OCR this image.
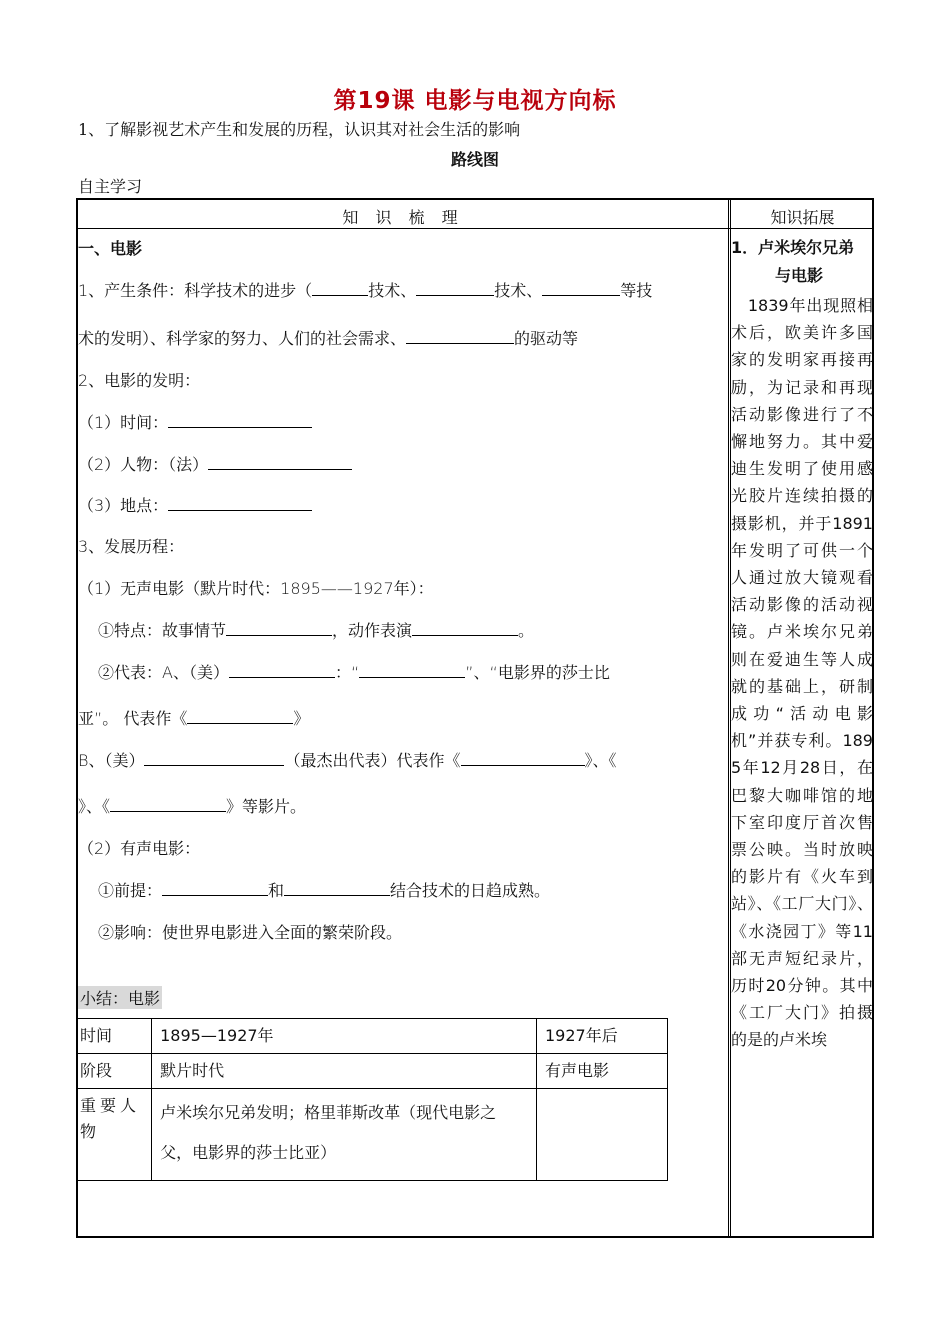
第19课 电影与电视方向标
1、了解影视艺术产生和发展的历程，认识其对社会生活的影响
路线图
自主学习
知 识 梳 理	知识拓展
一、电影
1、产生条件：科学技术的进步（	技术、	技术、	等技
术的发明）、科学家的努力、人们的社会需求、	的驱动等
2、电影的发明：
（1）时间：
（2）人物：（法）
（3）地点：
3、发展历程：
（1）无声电影（默片时代：1895——1927年）：
①特点：故事情节	，动作表演	。
②代表：A、（美）	：“	”、“电影界的莎士比
亚”。 代表作《	》
B、（美）	（最杰出代表）代表作《	》、《
》、《	》等影片。
（2）有声电影：
①前提：	和	结合技术的日趋成熟。
②影响：使世界电影进入全面的繁荣阶段。
小结：电影
时间	1895—1927年	1927年后
阶段	默片时代	有声电影
重要人物	卢米埃尔兄弟发明；格里菲斯改革（现代电影之父，电影界的莎士比亚）	
1．卢米埃尔兄弟
与电影
　1839年出现照相术后，欧美许多国家的发明家再接再励，为记录和再现活动影像进行了不懈地努力。其中爱迪生发明了使用感光胶片连续拍摄的摄影机，并于1891年发明了可供一个人通过放大镜观看活动影像的活动视镜。卢米埃尔兄弟则在爱迪生等人成就的基础上，研制成功“活动电影机”并获专利。1895年12月28日，在巴黎大咖啡馆的地下室印度厅首次售票公映。当时放映的影片有《火车到站》、《工厂大门》、《水浇园丁》等11部无声短纪录片，历时20分钟。其中《工厂大门》拍摄的是的卢米埃
